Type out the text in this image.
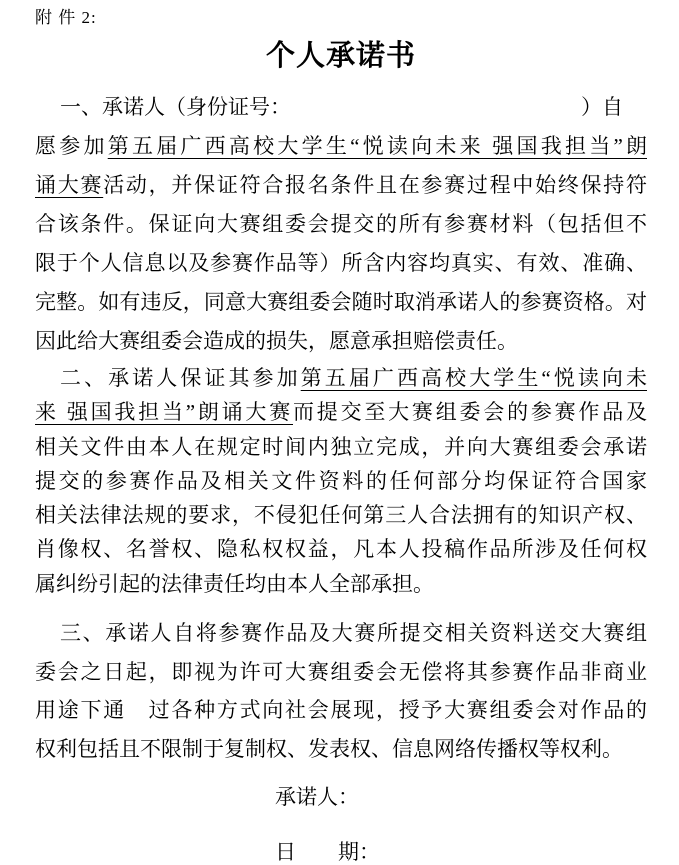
附 件 2:
个人承诺书
一、承诺人（身份证号：	）自
愿参加第五届广西高校大学生“悦读向未来 强国我担当”朗
诵大赛活动，并保证符合报名条件且在参赛过程中始终保持符
合该条件。保证向大赛组委会提交的所有参赛材料（包括但不
限于个人信息以及参赛作品等）所含内容均真实、有效、准确、
完整。如有违反，同意大赛组委会随时取消承诺人的参赛资格。对
因此给大赛组委会造成的损失，愿意承担赔偿责任。
二、承诺人保证其参加第五届广西高校大学生“悦读向未
来 强国我担当”朗诵大赛而提交至大赛组委会的参赛作品及
相关文件由本人在规定时间内独立完成，并向大赛组委会承诺
提交的参赛作品及相关文件资料的任何部分均保证符合国家
相关法律法规的要求，不侵犯任何第三人合法拥有的知识产权、
肖像权、名誉权、隐私权权益，凡本人投稿作品所涉及任何权
属纠纷引起的法律责任均由本人全部承担。
三、承诺人自将参赛作品及大赛所提交相关资料送交大赛组
委会之日起，即视为许可大赛组委会无偿将其参赛作品非商业
用途下通　过各种方式向社会展现，授予大赛组委会对作品的
权利包括且不限制于复制权、发表权、信息网络传播权等权利。
承诺人：
日　　期：
